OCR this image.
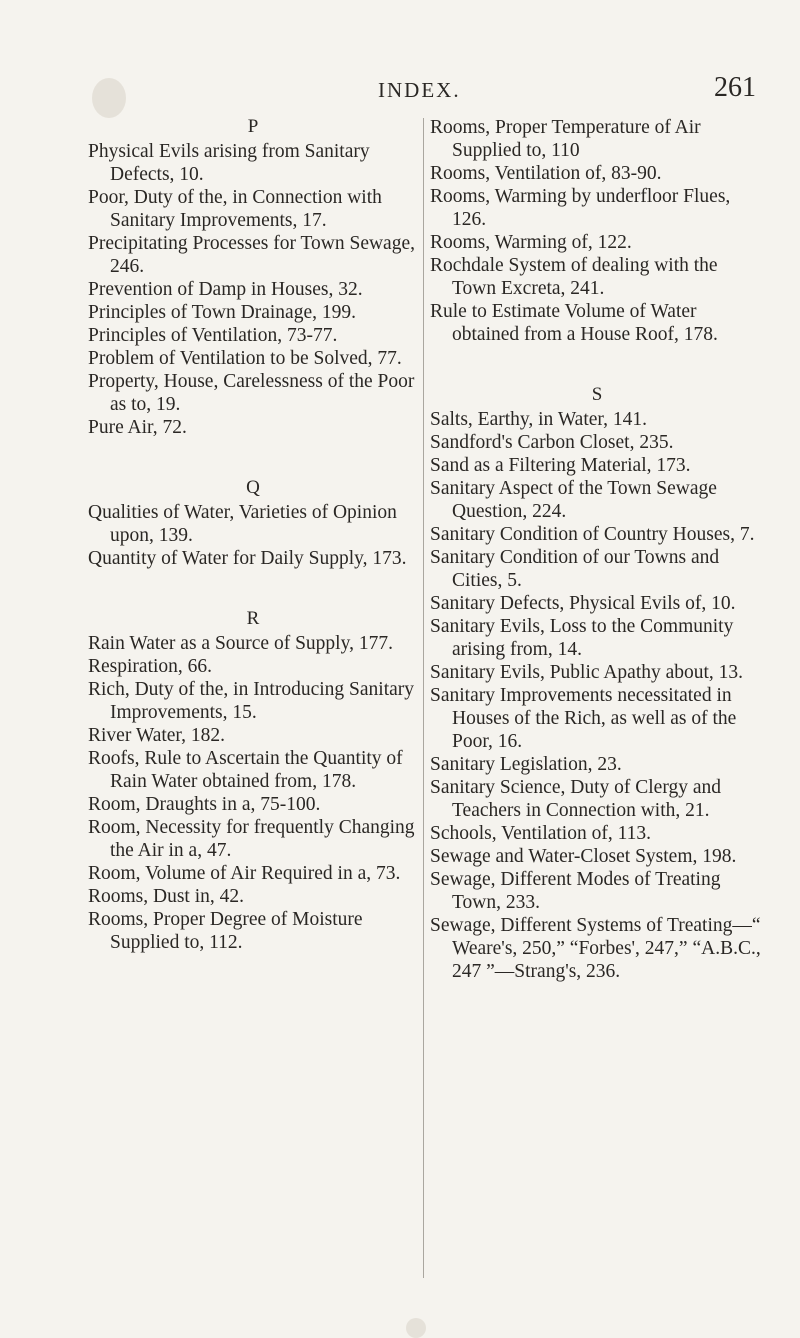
INDEX.	261
P
Physical Evils arising from Sanitary Defects, 10.
Poor, Duty of the, in Connection with Sanitary Improvements, 17.
Precipitating Processes for Town Sewage, 246.
Prevention of Damp in Houses, 32.
Principles of Town Drainage, 199.
Principles of Ventilation, 73-77.
Problem of Ventilation to be Solved, 77.
Property, House, Carelessness of the Poor as to, 19.
Pure Air, 72.
Q
Qualities of Water, Varieties of Opinion upon, 139.
Quantity of Water for Daily Supply, 173.
R
Rain Water as a Source of Supply, 177.
Respiration, 66.
Rich, Duty of the, in Introducing Sanitary Improvements, 15.
River Water, 182.
Roofs, Rule to Ascertain the Quantity of Rain Water obtained from, 178.
Room, Draughts in a, 75-100.
Room, Necessity for frequently Changing the Air in a, 47.
Room, Volume of Air Required in a, 73.
Rooms, Dust in, 42.
Rooms, Proper Degree of Moisture Supplied to, 112.
Rooms, Proper Temperature of Air Supplied to, 110
Rooms, Ventilation of, 83-90.
Rooms, Warming by underfloor Flues, 126.
Rooms, Warming of, 122.
Rochdale System of dealing with the Town Excreta, 241.
Rule to Estimate Volume of Water obtained from a House Roof, 178.
S
Salts, Earthy, in Water, 141.
Sandford's Carbon Closet, 235.
Sand as a Filtering Material, 173.
Sanitary Aspect of the Town Sewage Question, 224.
Sanitary Condition of Country Houses, 7.
Sanitary Condition of our Towns and Cities, 5.
Sanitary Defects, Physical Evils of, 10.
Sanitary Evils, Loss to the Community arising from, 14.
Sanitary Evils, Public Apathy about, 13.
Sanitary Improvements necessitated in Houses of the Rich, as well as of the Poor, 16.
Sanitary Legislation, 23.
Sanitary Science, Duty of Clergy and Teachers in Connection with, 21.
Schools, Ventilation of, 113.
Sewage and Water-Closet System, 198.
Sewage, Different Modes of Treating Town, 233.
Sewage, Different Systems of Treating—“ Weare's, 250,” “Forbes', 247,” “A.B.C., 247 ”—Strang's, 236.
